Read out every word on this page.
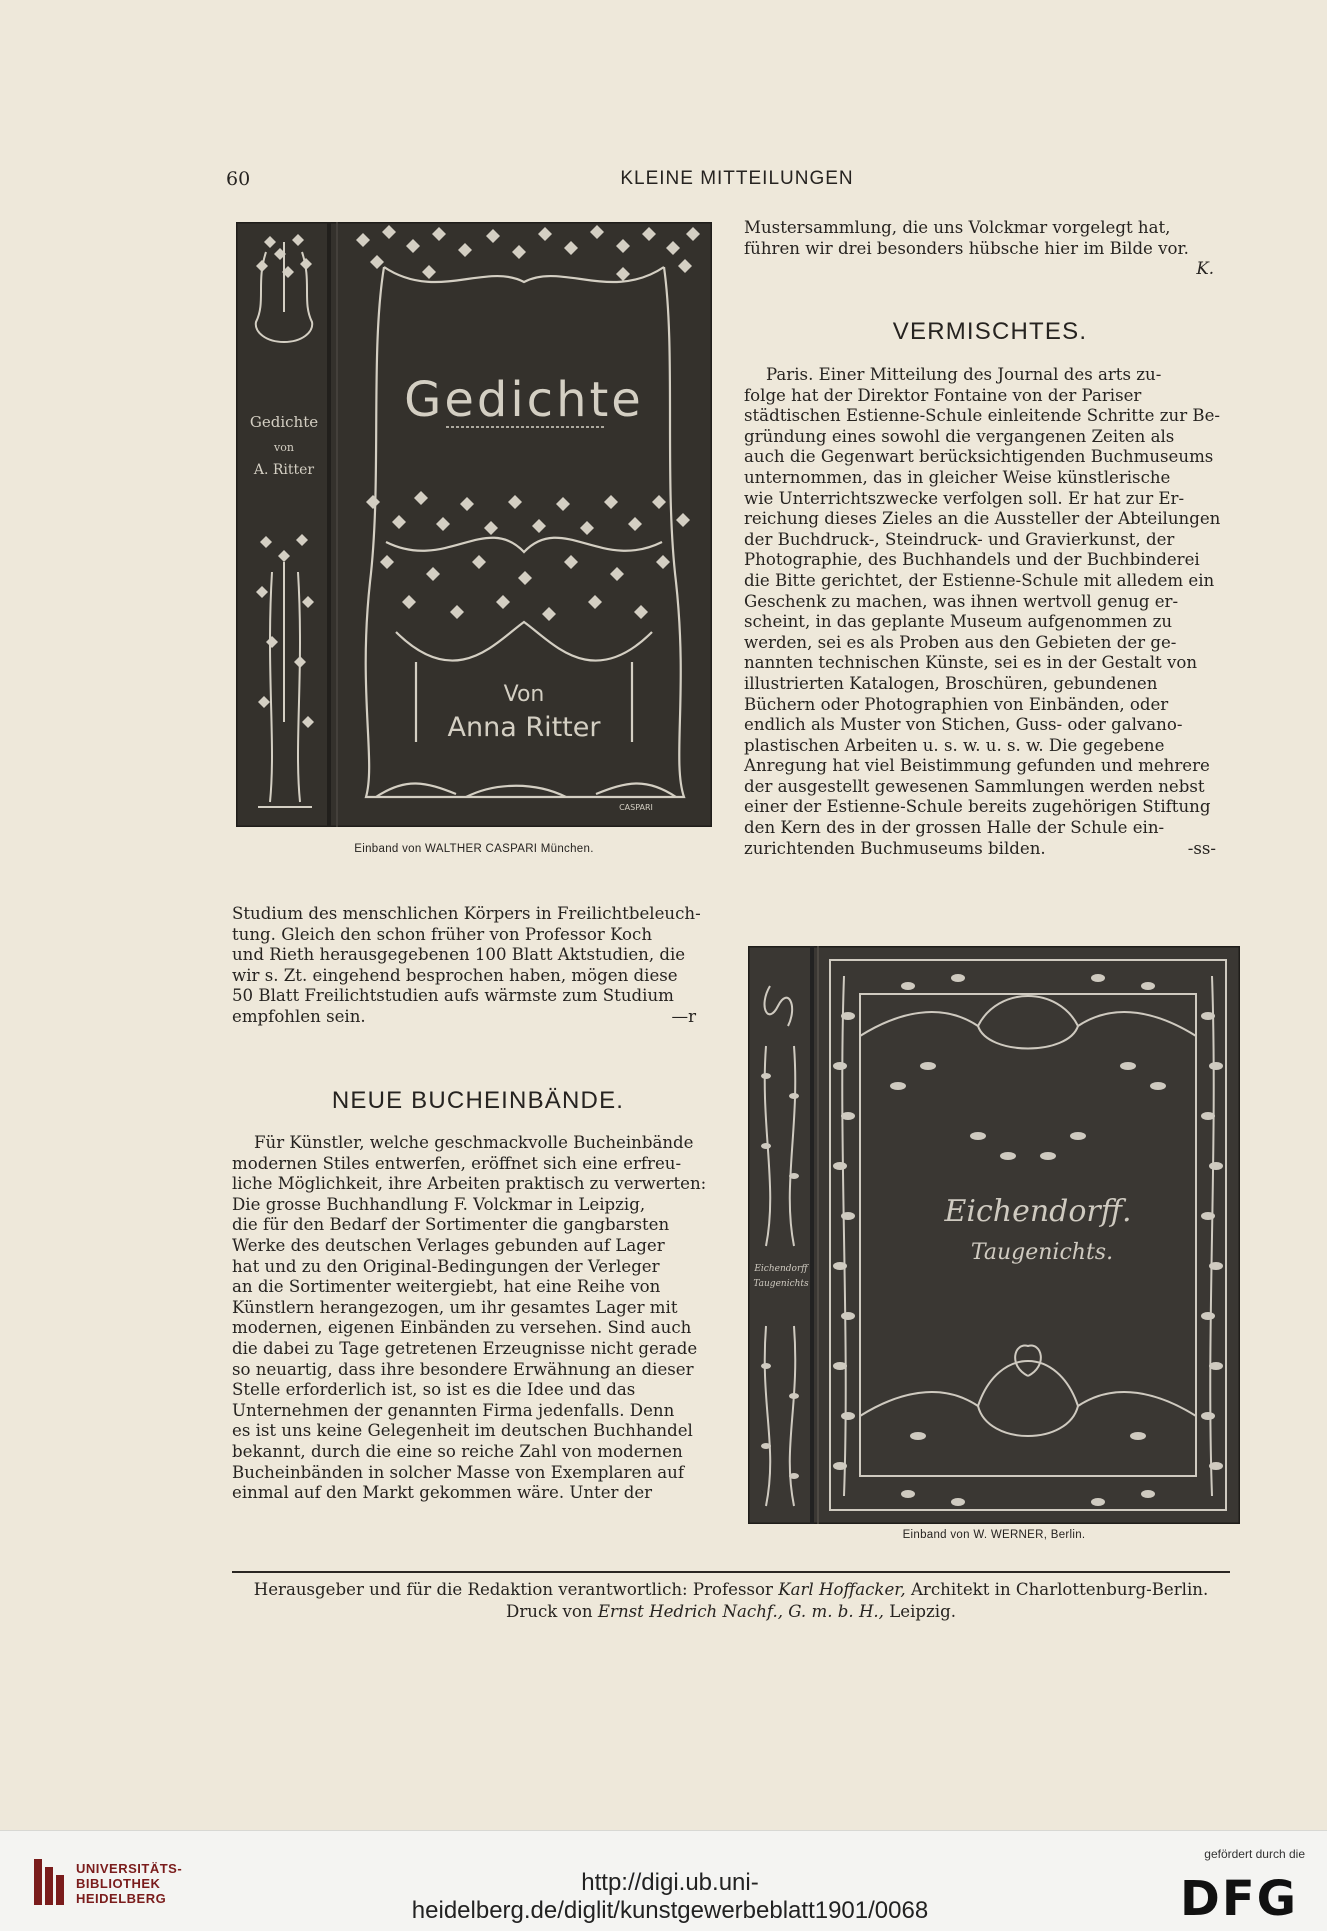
60	KLEINE MITTEILUNGEN
Gedichte
von
A. Ritter
Gedichte
Von
Anna Ritter
CASPARI
Einband von WALTHER CASPARI München.

Studium des menschlichen Körpers in Freilichtbeleuch-

tung. Gleich den schon früher von Professor Koch

und Rieth herausgegebenen 100 Blatt Aktstudien, die

wir s. Zt. eingehend besprochen haben, mögen diese

50 Blatt Freilichtstudien aufs wärmste zum Studium

empfohlen sein.	—r

NEUE BUCHEINBÄNDE.

Für Künstler, welche geschmackvolle Bucheinbände

modernen Stiles entwerfen, eröffnet sich eine erfreu-

liche Möglichkeit, ihre Arbeiten praktisch zu verwerten:

Die grosse Buchhandlung F. Volckmar in Leipzig,

die für den Bedarf der Sortimenter die gangbarsten

Werke des deutschen Verlages gebunden auf Lager

hat und zu den Original-Bedingungen der Verleger

an die Sortimenter weitergiebt, hat eine Reihe von

Künstlern herangezogen, um ihr gesamtes Lager mit

modernen, eigenen Einbänden zu versehen. Sind auch

die dabei zu Tage getretenen Erzeugnisse nicht gerade

so neuartig, dass ihre besondere Erwähnung an dieser

Stelle erforderlich ist, so ist es die Idee und das

Unternehmen der genannten Firma jedenfalls. Denn

es ist uns keine Gelegenheit im deutschen Buchhandel

bekannt, durch die eine so reiche Zahl von modernen

Bucheinbänden in solcher Masse von Exemplaren auf

einmal auf den Markt gekommen wäre. Unter der

Mustersammlung, die uns Volckmar vorgelegt hat,

führen wir drei besonders hübsche hier im Bilde vor.

K.

VERMISCHTES.

Paris. Einer Mitteilung des Journal des arts zu-

folge hat der Direktor Fontaine von der Pariser

städtischen Estienne-Schule einleitende Schritte zur Be-

gründung eines sowohl die vergangenen Zeiten als

auch die Gegenwart berücksichtigenden Buchmuseums

unternommen, das in gleicher Weise künstlerische

wie Unterrichtszwecke verfolgen soll. Er hat zur Er-

reichung dieses Zieles an die Aussteller der Abteilungen

der Buchdruck-, Steindruck- und Gravierkunst, der

Photographie, des Buchhandels und der Buchbinderei

die Bitte gerichtet, der Estienne-Schule mit alledem ein

Geschenk zu machen, was ihnen wertvoll genug er-

scheint, in das geplante Museum aufgenommen zu

werden, sei es als Proben aus den Gebieten der ge-

nannten technischen Künste, sei es in der Gestalt von

illustrierten Katalogen, Broschüren, gebundenen

Büchern oder Photographien von Einbänden, oder

endlich als Muster von Stichen, Guss- oder galvano-

plastischen Arbeiten u. s. w. u. s. w. Die gegebene

Anregung hat viel Beistimmung gefunden und mehrere

der ausgestellt gewesenen Sammlungen werden nebst

einer der Estienne-Schule bereits zugehörigen Stiftung

den Kern des in der grossen Halle der Schule ein-

zurichtenden Buchmuseums bilden.	-ss-

Eichendorff
Taugenichts
Eichendorff.
Taugenichts.
Einband von W. WERNER, Berlin.
Herausgeber und für die Redaktion verantwortlich: Professor Karl Hoffacker, Architekt in Charlottenburg-Berlin.
Druck von Ernst Hedrich Nachf., G. m. b. H., Leipzig.
UNIVERSITÄTS-
BIBLIOTHEK
HEIDELBERG
http://digi.ub.uni-heidelberg.de/diglit/kunstgewerbeblatt1901/0068
gefördert durch die
DFG
